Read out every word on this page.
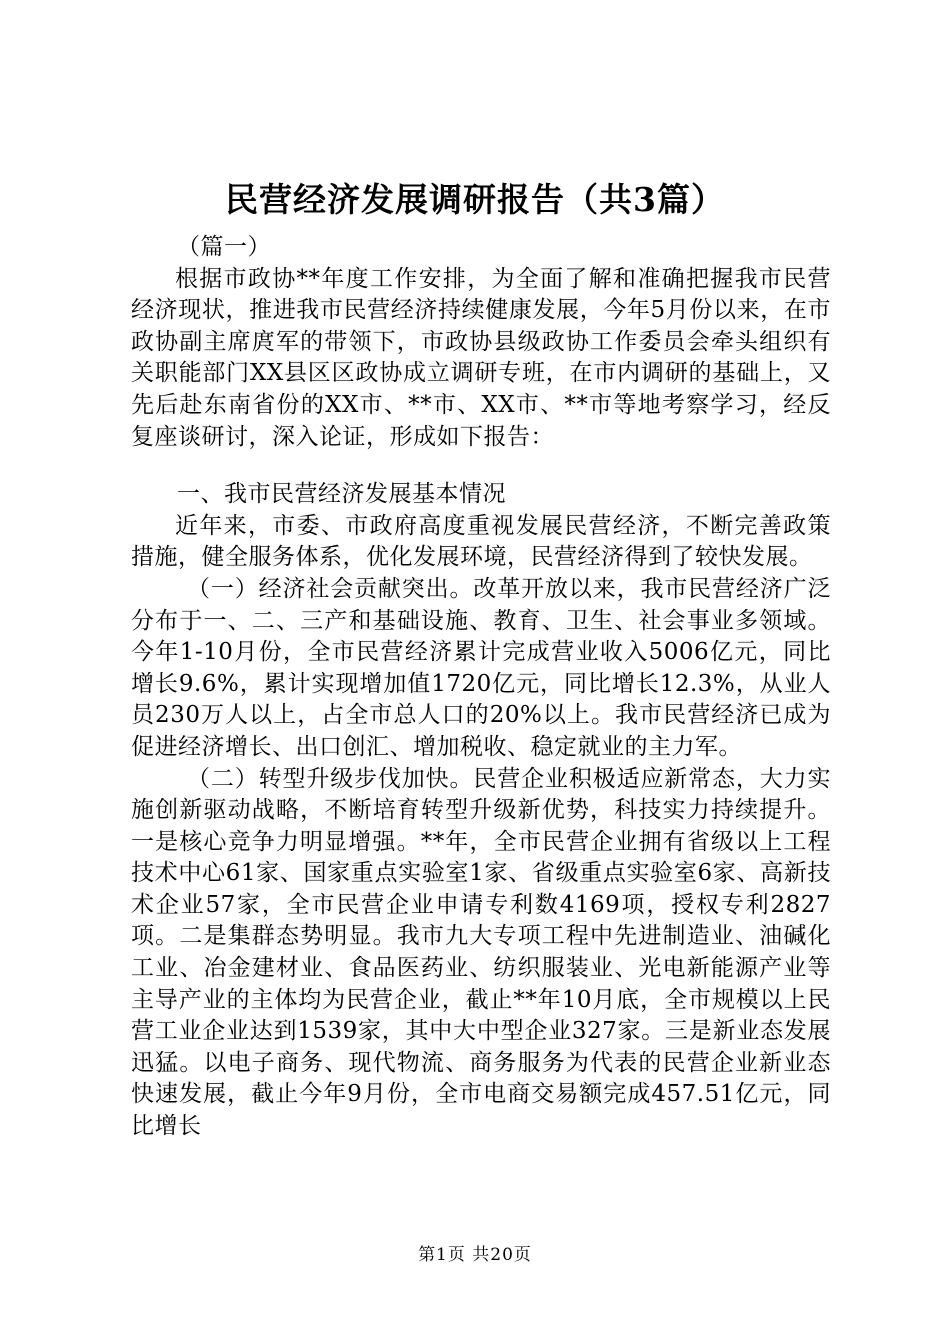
民营经济发展调研报告（共3篇）

（篇一）

根据市政协**年度工作安排，为全面了解和准确把握我市民营经济现状，推进我市民营经济持续健康发展，今年5月份以来，在市政协副主席庹军的带领下，市政协县级政协工作委员会牵头组织有关职能部门XX县区区政协成立调研专班，在市内调研的基础上，又先后赴东南省份的XX市、**市、XX市、**市等地考察学习，经反复座谈研讨，深入论证，形成如下报告：

一、我市民营经济发展基本情况

近年来，市委、市政府高度重视发展民营经济，不断完善政策措施，健全服务体系，优化发展环境，民营经济得到了较快发展。

（一）经济社会贡献突出。改革开放以来，我市民营经济广泛分布于一、二、三产和基础设施、教育、卫生、社会事业多领域。今年1-10月份，全市民营经济累计完成营业收入5006亿元，同比增长9.6%，累计实现增加值1720亿元，同比增长12.3%，从业人员230万人以上，占全市总人口的20%以上。我市民营经济已成为促进经济增长、出口创汇、增加税收、稳定就业的主力军。

（二）转型升级步伐加快。民营企业积极适应新常态，大力实施创新驱动战略，不断培育转型升级新优势，科技实力持续提升。一是核心竞争力明显增强。**年，全市民营企业拥有省级以上工程技术中心61家、国家重点实验室1家、省级重点实验室6家、高新技术企业57家，全市民营企业申请专利数4169项，授权专利2827项。二是集群态势明显。我市九大专项工程中先进制造业、油碱化工业、冶金建材业、食品医药业、纺织服装业、光电新能源产业等主导产业的主体均为民营企业，截止**年10月底，全市规模以上民营工业企业达到1539家，其中大中型企业327家。三是新业态发展迅猛。以电子商务、现代物流、商务服务为代表的民营企业新业态快速发展，截止今年9月份，全市电商交易额完成457.51亿元，同比增长

第1页 共20页
